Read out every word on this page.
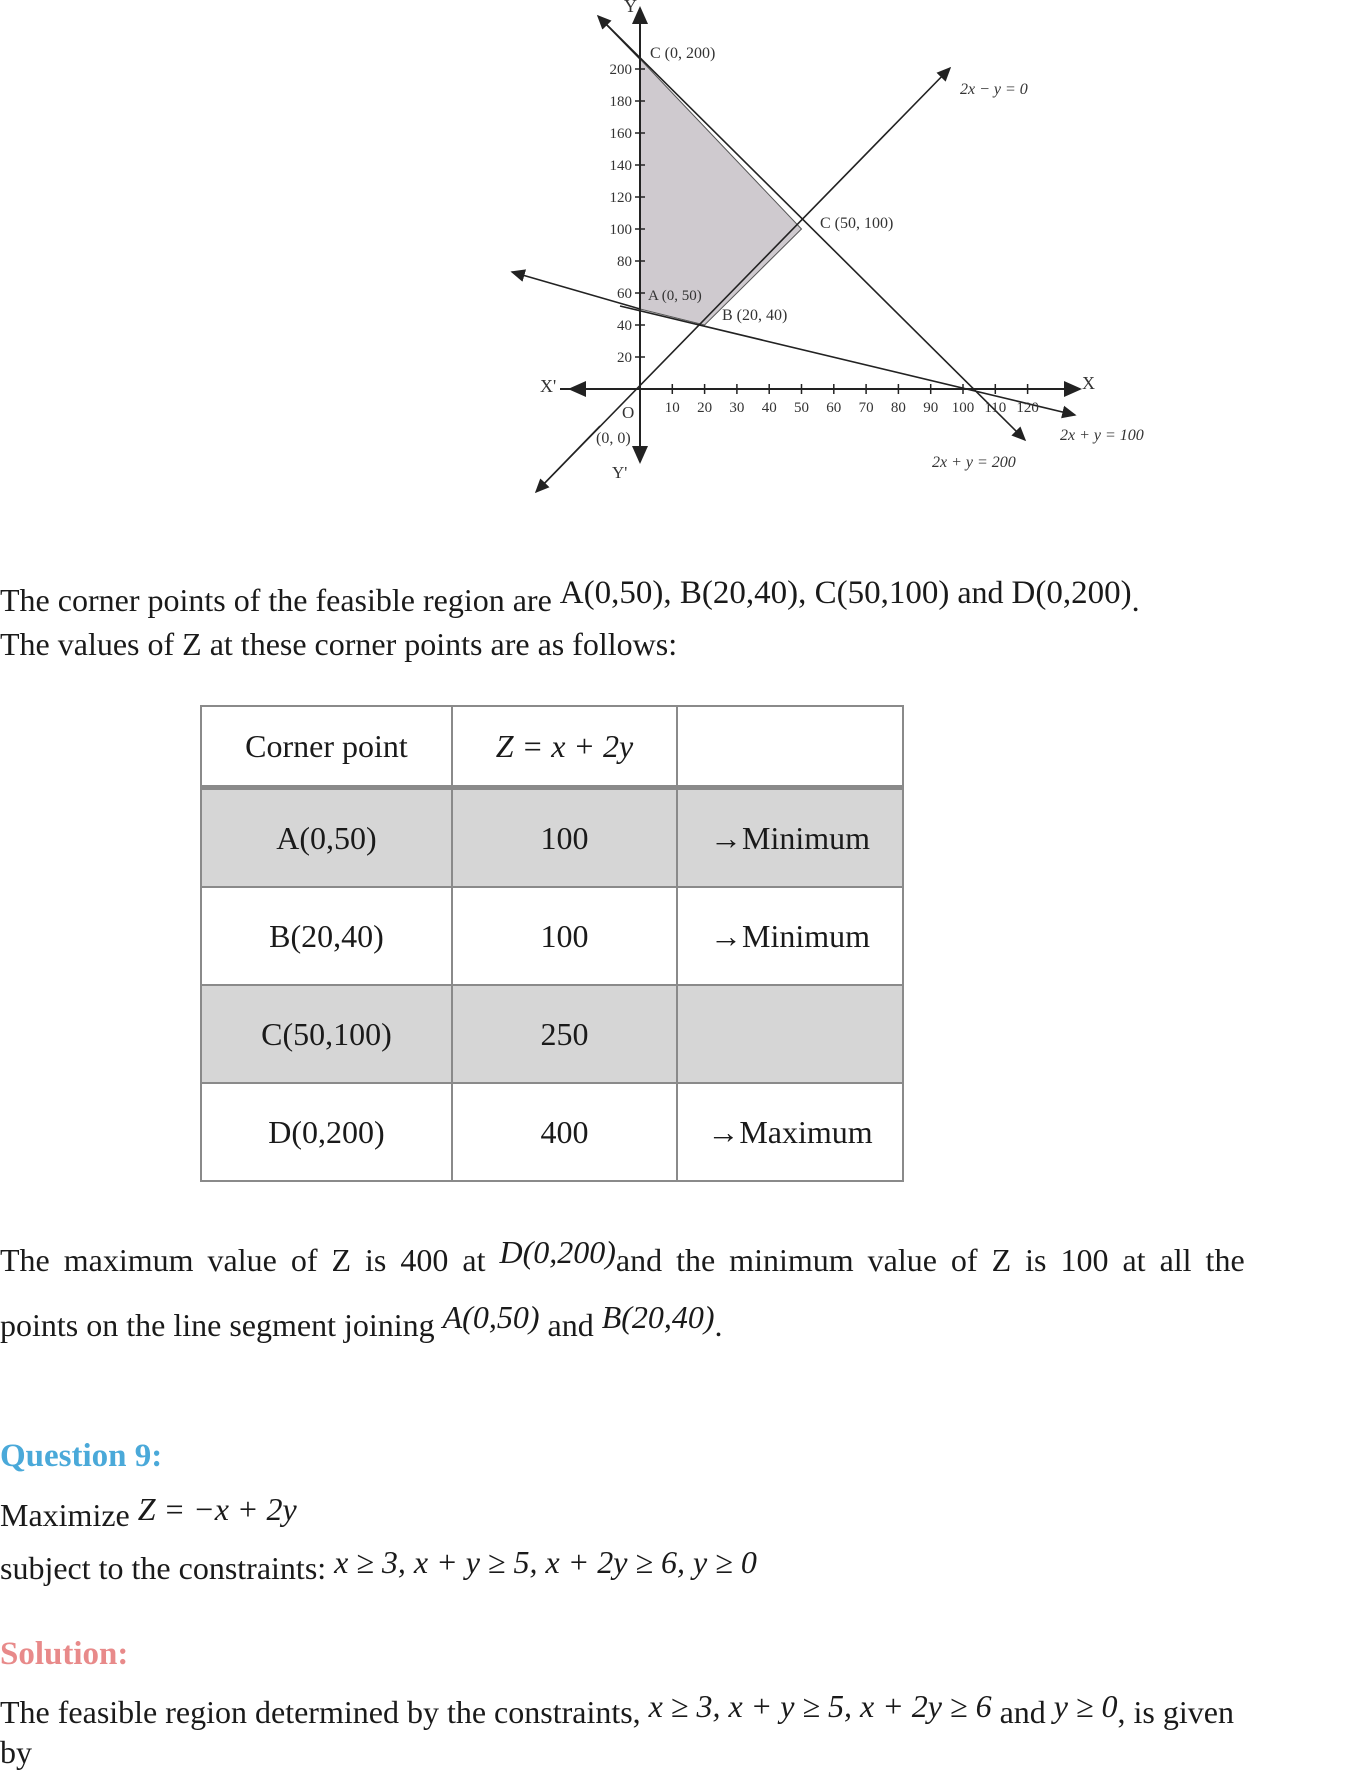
20
40
60
80
100
120
140
160
180
200
10 20 30 40 50 60 70 80 90 100 110 120
Y
Y'
X
X'
O
(0, 0)
C (0, 200)
C (50, 100)
A (0, 50)
B (20, 40)
2x − y = 0
2x + y = 100
2x + y = 200
The corner points of the feasible region are A(0,50), B(20,40), C(50,100) and D(0,200).
The values of Z at these corner points are as follows:
Corner point	Z = x + 2y	
A(0,50)	100	→Minimum
B(20,40)	100	→Minimum
C(50,100)	250	
D(0,200)	400	→Maximum
The maximum value of Z is 400 at D(0,200)and the minimum value of Z is 100 at all the
points on the line segment joining A(0,50) and B(20,40).
Question 9:
Maximize Z = −x + 2y
subject to the constraints: x ≥ 3, x + y ≥ 5, x + 2y ≥ 6, y ≥ 0
Solution:
The feasible region determined by the constraints, x ≥ 3, x + y ≥ 5, x + 2y ≥ 6 and y ≥ 0, is given
by
